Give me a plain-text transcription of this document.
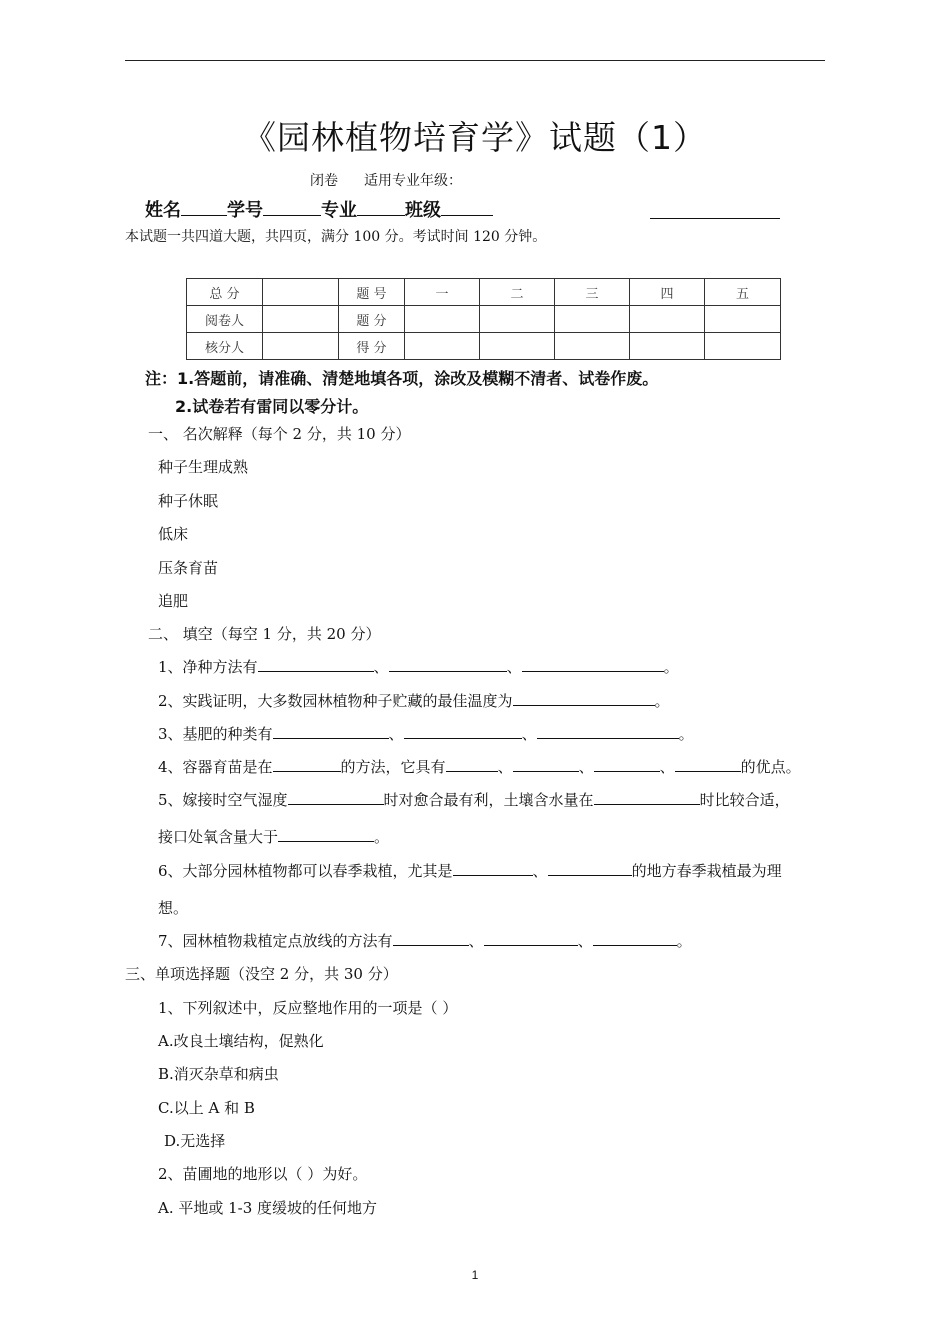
《园林植物培育学》试题（1）
闭卷 适用专业年级：
姓名	学号	专业	班级
本试题一共四道大题，共四页，满分 100 分。考试时间 120 分钟。
总 分		题 号	一	二	三	四	五
阅卷人		题 分					
核分人		得 分					
注：1.答题前，请准确、清楚地填各项，涂改及模糊不清者、试卷作废。
2.试卷若有雷同以零分计。
一、 名次解释（每个 2 分，共 10 分）
种子生理成熟
种子休眠
低床
压条育苗
追肥
二、 填空（每空 1 分，共 20 分）
1、净种方法有	、	、	。
2、实践证明，大多数园林植物种子贮藏的最佳温度为	。
3、基肥的种类有	、	、	。
4、容器育苗是在	的方法，它具有	、	、	、	的优点。
5、嫁接时空气湿度	时对愈合最有利，土壤含水量在	时比较合适，
接口处氧含量大于	。
6、大部分园林植物都可以春季栽植，尤其是	、	的地方春季栽植最为理
想。
7、园林植物栽植定点放线的方法有	、	、	。
三、单项选择题（没空 2 分，共 30 分）
1、下列叙述中，反应整地作用的一项是（ ）
A.改良土壤结构，促熟化
B.消灭杂草和病虫
C.以上 A 和 B
D.无选择
2、苗圃地的地形以（ ）为好。
A. 平地或 1-3 度缓坡的任何地方
1
